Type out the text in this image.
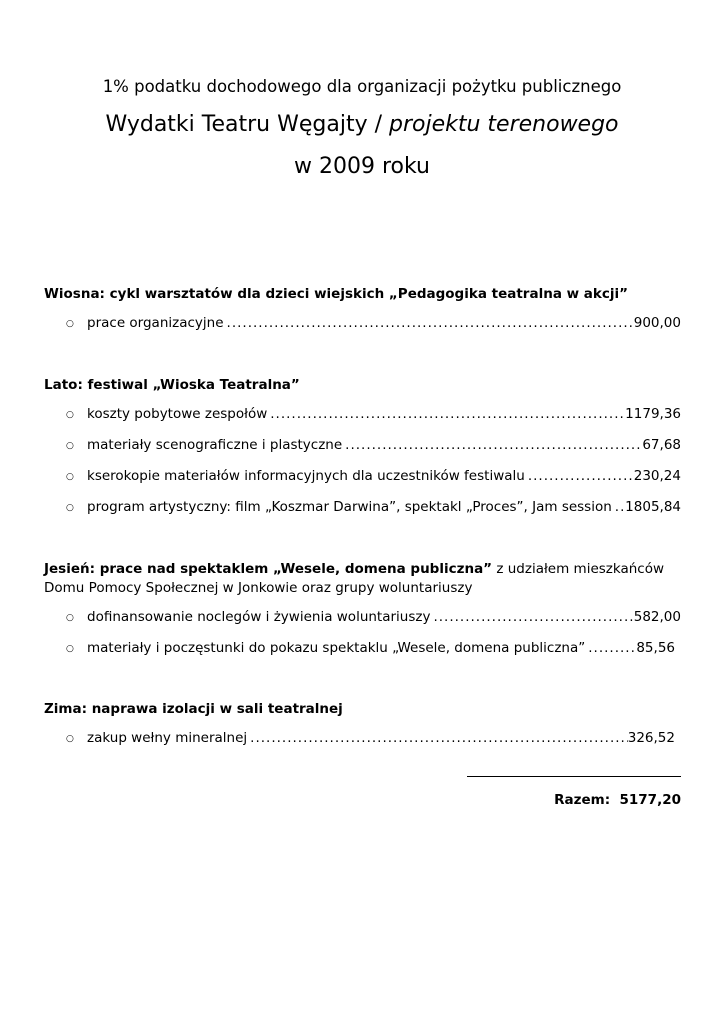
1% podatku dochodowego dla organizacji pożytku publicznego
Wydatki Teatru Węgajty / projektu terenowego
w 2009 roku
Wiosna: cykl warsztatów dla dzieci wiejskich „Pedagogika teatralna w akcji”
○ prace organizacyjne .....	900,00
Lato: festiwal „Wioska Teatralna”
○ koszty pobytowe zespołów .....	1179,36
○ materiały scenograficzne i plastyczne .....	67,68
○ kserokopie materiałów informacyjnych dla uczestników festiwalu .....	230,24
○ program artystyczny: film „Koszmar Darwina”, spektakl „Proces”, Jam session ..... 1805,84
Jesień: prace nad spektaklem „Wesele, domena publiczna” z udziałem mieszkańców Domu Pomocy Społecznej w Jonkowie oraz grupy woluntariuszy
○ dofinansowanie noclegów i żywienia woluntariuszy .....	582,00
○ materiały i poczęstunki do pokazu spektaklu „Wesele, domena publiczna” .....	85,56
Zima: naprawa izolacji w sali teatralnej
○ zakup wełny mineralnej .....	326,52
Razem: 5177,20
